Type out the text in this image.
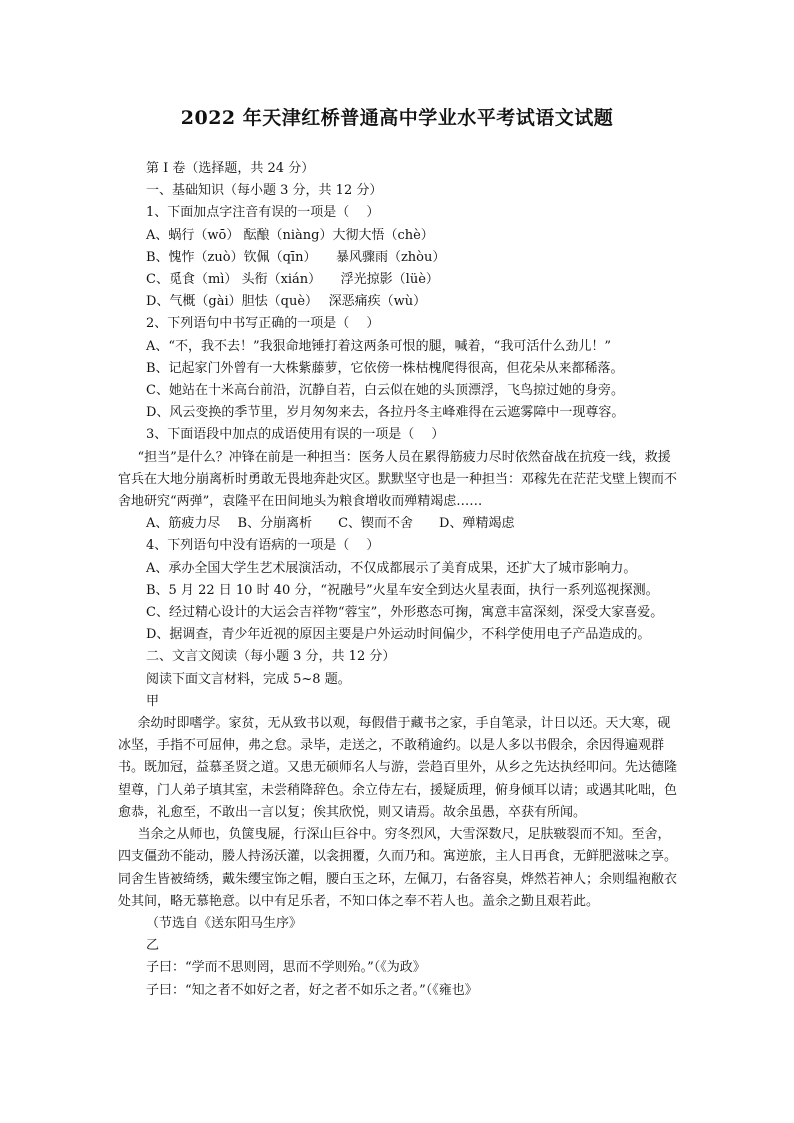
2022 年天津红桥普通高中学业水平考试语文试题
第 I 卷（选择题，共 24 分）
一、基础知识（每小题 3 分，共 12 分）
1、下面加点字注音有误的一项是（　 ）
A、蜗行（wō） 酝酿（niàng）大彻大悟（chè）
B、愧怍（zuò）钦佩（qīn）　　暴风骤雨（zhòu）
C、觅食（mì） 头衔（xián）　　浮光掠影（lüè）
D、气概（gài）胆怯（què）　 深恶痛疾（wù）
2、下列语句中书写正确的一项是（　 ）
A、“不，我不去！”我狠命地锤打着这两条可恨的腿，喊着，“我可活什么劲儿！”
B、记起家门外曾有一大株紫藤萝，它依傍一株枯槐爬得很高，但花朵从来都稀落。
C、她站在十米高台前沿，沉静自若，白云似在她的头顶漂浮，飞鸟掠过她的身旁。
D、风云变换的季节里，岁月匆匆来去，各拉丹冬主峰难得在云遮雾障中一现尊容。
3、下面语段中加点的成语使用有误的一项是（　 ）
“担当”是什么？冲锋在前是一种担当：医务人员在累得筋疲力尽时依然奋战在抗疫一线，救援官兵在大地分崩离析时勇敢无畏地奔赴灾区。默默坚守也是一种担当：邓稼先在茫茫戈壁上锲而不舍地研究“两弹”，袁隆平在田间地头为粮食增收而殚精竭虑……
A、筋疲力尽　 B、分崩离析　　C、锲而不舍　　D、殚精竭虑
4、下列语句中没有语病的一项是（　 ）
A、承办全国大学生艺术展演活动，不仅成都展示了美育成果，还扩大了城市影响力。
B、5 月 22 日 10 时 40 分，“祝融号”火星车安全到达火星表面，执行一系列巡视探测。
C、经过精心设计的大运会吉祥物“蓉宝”，外形憨态可掬，寓意丰富深刻，深受大家喜爱。
D、据调查，青少年近视的原因主要是户外运动时间偏少，不科学使用电子产品造成的。
二、文言文阅读（每小题 3 分，共 12 分）
阅读下面文言材料，完成 5~8 题。
甲
余幼时即嗜学。家贫，无从致书以观，每假借于藏书之家，手自笔录，计日以还。天大寒，砚冰坚，手指不可屈伸，弗之怠。录毕，走送之，不敢稍逾约。以是人多以书假余，余因得遍观群书。既加冠，益慕圣贤之道。又患无硕师名人与游，尝趋百里外，从乡之先达执经叩问。先达德隆望尊，门人弟子填其室，未尝稍降辞色。余立侍左右，援疑质理，俯身倾耳以请；或遇其叱咄，色愈恭，礼愈至，不敢出一言以复；俟其欣悦，则又请焉。故余虽愚，卒获有所闻。
当余之从师也，负箧曳屣，行深山巨谷中。穷冬烈风，大雪深数尺，足肤皲裂而不知。至舍，四支僵劲不能动，媵人持汤沃灌，以衾拥覆，久而乃和。寓逆旅，主人日再食，无鲜肥滋味之享。同舍生皆被绮绣，戴朱缨宝饰之帽，腰白玉之环，左佩刀，右备容臭，烨然若神人；余则缊袍敝衣处其间，略无慕艳意。以中有足乐者，不知口体之奉不若人也。盖余之勤且艰若此。
（节选自《送东阳马生序》
乙
子曰：“学而不思则罔，思而不学则殆。”（《为政》
子曰：“知之者不如好之者，好之者不如乐之者。”（《雍也》
